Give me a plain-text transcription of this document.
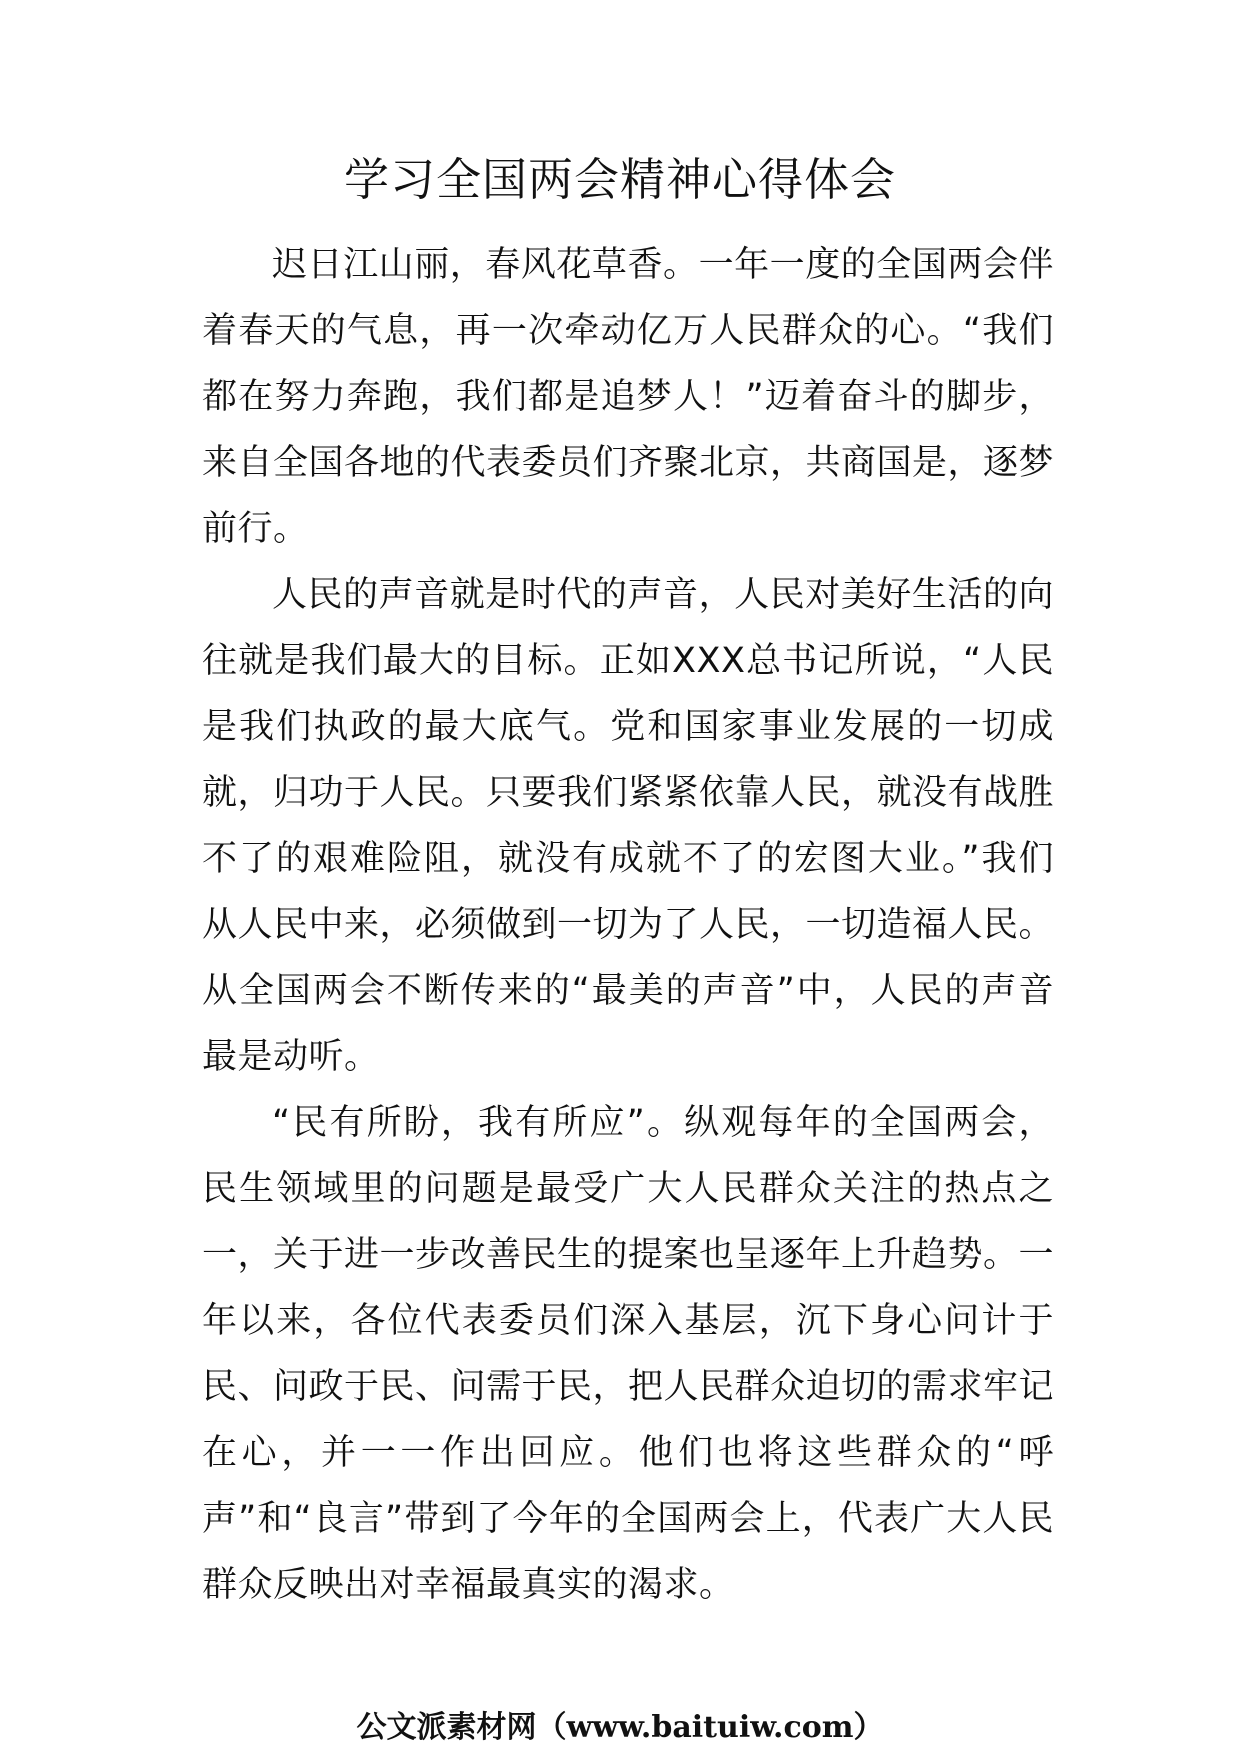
学习全国两会精神心得体会

迟日江山丽，春风花草香。一年一度的全国两会伴着春天的气息，再一次牵动亿万人民群众的心。“我们都在努力奔跑，我们都是追梦人！”迈着奋斗的脚步，来自全国各地的代表委员们齐聚北京，共商国是，逐梦前行。

人民的声音就是时代的声音，人民对美好生活的向往就是我们最大的目标。正如XXX总书记所说，“人民是我们执政的最大底气。党和国家事业发展的一切成就，归功于人民。只要我们紧紧依靠人民，就没有战胜不了的艰难险阻，就没有成就不了的宏图大业。”我们从人民中来，必须做到一切为了人民，一切造福人民。从全国两会不断传来的“最美的声音”中，人民的声音最是动听。

“民有所盼，我有所应”。纵观每年的全国两会，民生领域里的问题是最受广大人民群众关注的热点之一，关于进一步改善民生的提案也呈逐年上升趋势。一年以来，各位代表委员们深入基层，沉下身心问计于民、问政于民、问需于民，把人民群众迫切的需求牢记在心，并一一作出回应。他们也将这些群众的“呼声”和“良言”带到了今年的全国两会上，代表广大人民群众反映出对幸福最真实的渴求。

公文派素材网（www.baituiw.com）
